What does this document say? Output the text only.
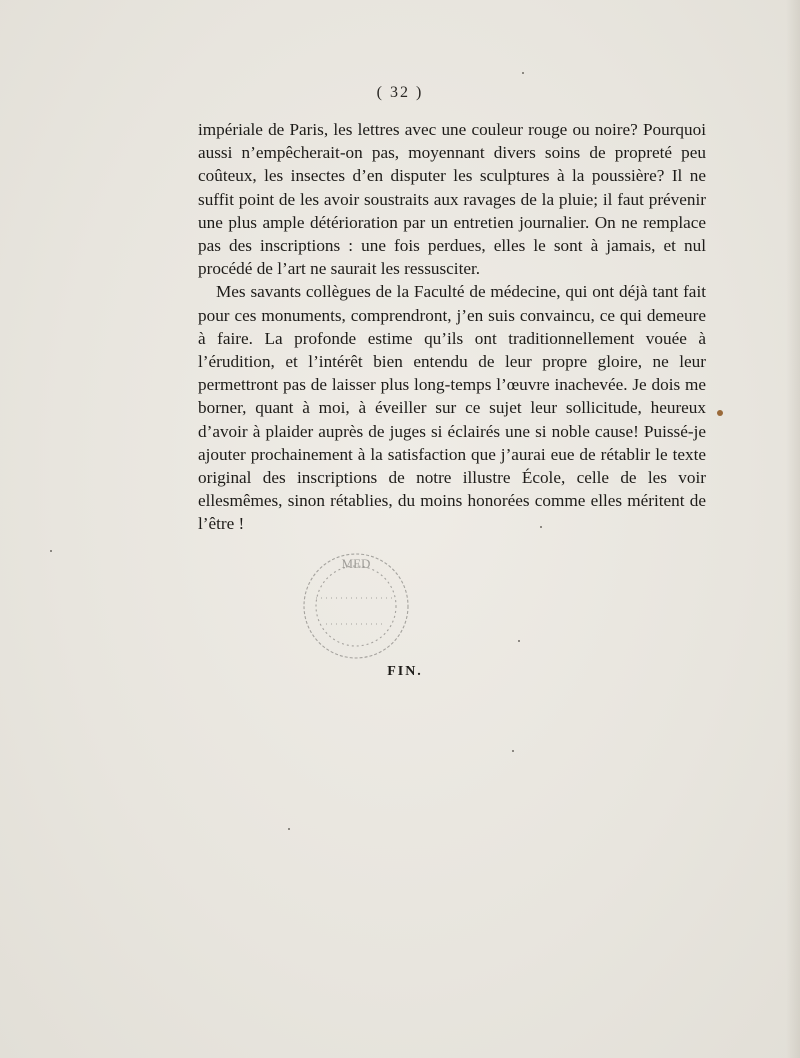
( 32 )

impériale de Paris, les lettres avec une couleur rouge ou noire? Pourquoi aussi n’empêcherait-on pas, moyennant divers soins de propreté peu coûteux, les insectes d’en disputer les sculptures à la poussière? Il ne suffit point de les avoir soustraits aux ravages de la pluie; il faut prévenir une plus ample détérioration par un entretien journalier. On ne remplace pas des inscriptions : une fois perdues, elles le sont à jamais, et nul procédé de l’art ne saurait les ressusciter.

Mes savants collègues de la Faculté de médecine, qui ont déjà tant fait pour ces monuments, comprendront, j’en suis convaincu, ce qui demeure à faire. La profonde estime qu’ils ont traditionnellement vouée à l’érudition, et l’intérêt bien entendu de leur propre gloire, ne leur permettront pas de laisser plus long-temps l’œuvre inachevée. Je dois me borner, quant à moi, à éveiller sur ce sujet leur sollicitude, heureux d’avoir à plaider auprès de juges si éclairés une si noble cause! Puissé-je ajouter prochainement à la satisfaction que j’aurai eue de rétablir le texte original des inscriptions de notre illustre École, celle de les voir ellesmêmes, sinon rétablies, du moins honorées comme elles méritent de l’être !

MED
FIN.
